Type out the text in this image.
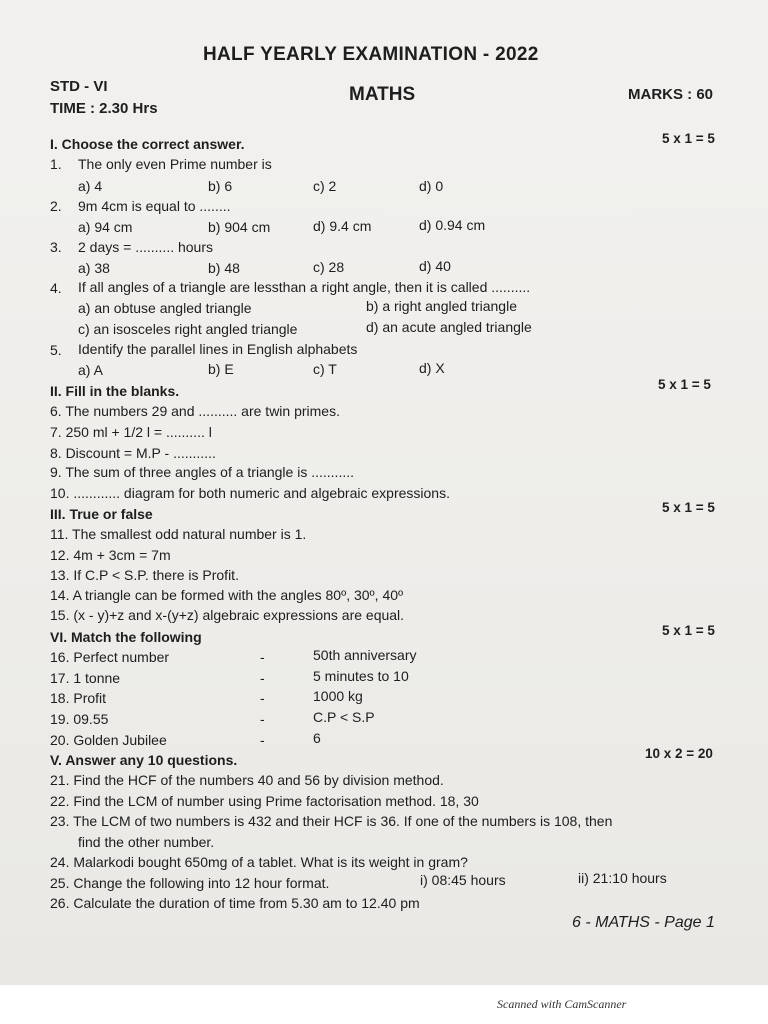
HALF YEARLY EXAMINATION - 2022
STD - VI
TIME : 2.30 Hrs
MATHS	MARKS : 60
I. Choose the correct answer.	5 x 1 = 5
1. The only even Prime number is
a) 4	b) 6	c) 2	d) 0
2. 9m 4cm is equal to ........
a) 94 cm	b) 904 cm	d) 9.4 cm	d) 0.94 cm
3. 2 days = .......... hours
a) 38	b) 48	c) 28	d) 40
4. If all angles of a triangle are lessthan a right angle, then it is called ..........
a) an obtuse angled triangle	b) a right angled triangle
c) an isosceles right angled triangle	d) an acute angled triangle
5. Identify the parallel lines in English alphabets
a) A	b) E	c) T	d) X
II. Fill in the blanks.	5 x 1 = 5
6. The numbers 29 and .......... are twin primes.
7. 250 ml + 1/2 l = .......... l
8. Discount = M.P - ...........
9. The sum of three angles of a triangle is ...........
10. ............ diagram for both numeric and algebraic expressions.
III. True or false	5 x 1 = 5
11. The smallest odd natural number is 1.
12. 4m + 3cm = 7m
13. If C.P < S.P. there is Profit.
14. A triangle can be formed with the angles 80º, 30º, 40º
15. (x - y)+z and x-(y+z) algebraic expressions are equal.
VI. Match the following	5 x 1 = 5
16. Perfect number	-	50th anniversary
17. 1 tonne	-	5 minutes to 10
18. Profit	-	1000 kg
19. 09.55	-	C.P < S.P
20. Golden Jubilee	-	6
V. Answer any 10 questions.	10 x 2 = 20
21. Find the HCF of the numbers 40 and 56 by division method.
22. Find the LCM of number using Prime factorisation method. 18, 30
23. The LCM of two numbers is 432 and their HCF is 36. If one of the numbers is 108, then
find the other number.
24. Malarkodi bought 650mg of a tablet. What is its weight in gram?
25. Change the following into 12 hour format.	i) 08:45 hours	ii) 21:10 hours
26. Calculate the duration of time from 5.30 am to 12.40 pm
6 - MATHS - Page 1
Scanned with CamScanner
